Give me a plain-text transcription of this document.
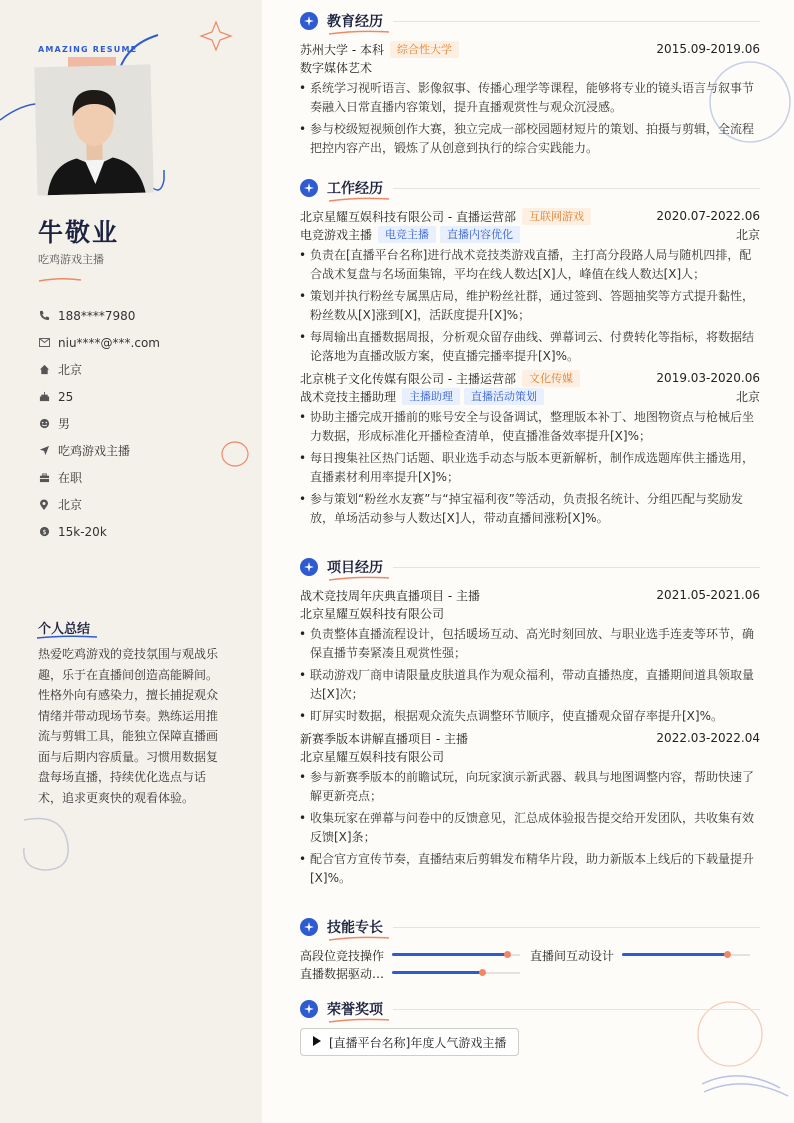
AMAZING RESUME
牛敬业
吃鸡游戏主播
188****7980
niu****@***.com
北京
25
男
吃鸡游戏主播
在职
北京
$ 15k-20k
个人总结
热爱吃鸡游戏的竞技氛围与观战乐趣，乐于在直播间创造高能瞬间。性格外向有感染力，擅长捕捉观众情绪并带动现场节奏。熟练运用推流与剪辑工具，能独立保障直播画面与后期内容质量。习惯用数据复盘每场直播，持续优化选点与话术，追求更爽快的观看体验。
教育经历
苏州大学 - 本科	综合性大学	2015.09-2019.06
数字媒体艺术
• 系统学习视听语言、影像叙事、传播心理学等课程，能够将专业的镜头语言与叙事节奏融入日常直播内容策划，提升直播观赏性与观众沉浸感。
• 参与校级短视频创作大赛，独立完成一部校园题材短片的策划、拍摄与剪辑，全流程把控内容产出，锻炼了从创意到执行的综合实践能力。
工作经历
北京星耀互娱科技有限公司 - 直播运营部	互联网游戏	2020.07-2022.06
电竞游戏主播	电竞主播	直播内容优化	北京
• 负责在[直播平台名称]进行战术竞技类游戏直播，主打高分段路人局与随机四排，配合战术复盘与名场面集锦，平均在线人数达[X]人，峰值在线人数达[X]人；
• 策划并执行粉丝专属黑店局，维护粉丝社群，通过签到、答题抽奖等方式提升黏性，粉丝数从[X]涨到[X]，活跃度提升[X]%；
• 每周输出直播数据周报，分析观众留存曲线、弹幕词云、付费转化等指标，将数据结论落地为直播改版方案，使直播完播率提升[X]%。
北京桃子文化传媒有限公司 - 主播运营部	文化传媒	2019.03-2020.06
战术竞技主播助理	主播助理	直播活动策划	北京
• 协助主播完成开播前的账号安全与设备调试，整理版本补丁、地图物资点与枪械后坐力数据，形成标准化开播检查清单，使直播准备效率提升[X]%；
• 每日搜集社区热门话题、职业选手动态与版本更新解析，制作成选题库供主播选用，直播素材利用率提升[X]%；
• 参与策划“粉丝水友赛”与“掉宝福利夜”等活动，负责报名统计、分组匹配与奖励发放，单场活动参与人数达[X]人，带动直播间涨粉[X]%。
项目经历
战术竞技周年庆典直播项目 - 主播	2021.05-2021.06
北京星耀互娱科技有限公司
• 负责整体直播流程设计，包括暖场互动、高光时刻回放、与职业选手连麦等环节，确保直播节奏紧凑且观赏性强；
• 联动游戏厂商申请限量皮肤道具作为观众福利，带动直播热度，直播期间道具领取量达[X]次；
• 盯屏实时数据，根据观众流失点调整环节顺序，使直播观众留存率提升[X]%。
新赛季版本讲解直播项目 - 主播	2022.03-2022.04
北京星耀互娱科技有限公司
• 参与新赛季版本的前瞻试玩，向玩家演示新武器、载具与地图调整内容，帮助快速了解更新亮点；
• 收集玩家在弹幕与问卷中的反馈意见，汇总成体验报告提交给开发团队，共收集有效反馈[X]条；
• 配合官方宣传节奏，直播结束后剪辑发布精华片段，助力新版本上线后的下载量提升[X]%。
技能专长
高段位竞技操作	直播间互动设计
直播数据驱动…
荣誉奖项
[直播平台名称]年度人气游戏主播
